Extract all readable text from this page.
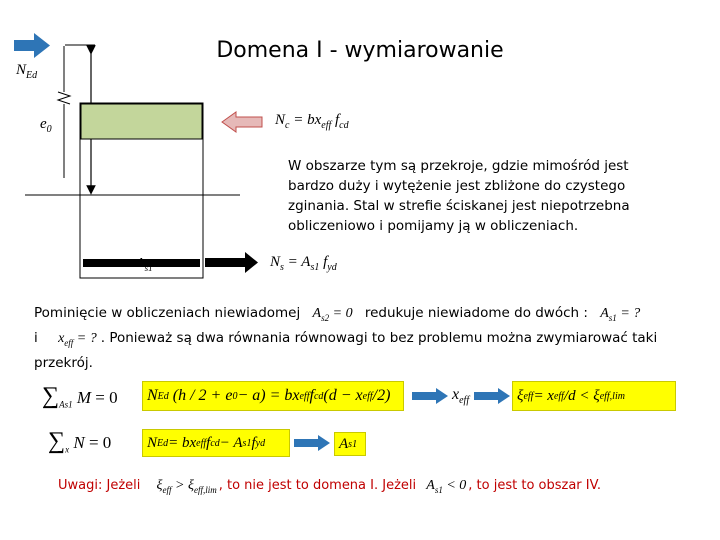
Domena I - wymiarowanie
$N_{Ed}$
$e_0$
$A_{s1}$
$N_c = bx_{eff}$ $f_{cd}$
$N_s = A_{s1}$ $f_{yd}$
W obszarze tym są przekroje, gdzie mimośród jest bardzo duży i wytężenie jest zbliżone do czystego zginania. Stal w strefie ściskanej jest niepotrzebna obliczeniowo i pomijamy ją w obliczeniach.
Pominięcie w obliczeniach niewiadomej $A_{s2} = 0$ redukuje niewiadome do dwóch : $A_{s1}$ = ?
i $x_{eff}$ = ? . Ponieważ są dwa równania równowagi to bez problemu można zwymiarować taki przekrój.
$\sum_{As1}$ M = 0	N Ed (h / 2 + e 0 − a) = bx eff f cd (d − x eff /2)	$x_{eff}$	ξ eff = x eff /d < ξ eff,lim
$\sum_x$ N = 0	N Ed = bx eff f cd − A s1 f yd	A s1
Uwagi: Jeżeli $\xi_{eff} > \xi_{eff,lim}$ , to nie jest to domena I. Jeżeli $A_{s1} < 0$ , to jest to obszar IV.
